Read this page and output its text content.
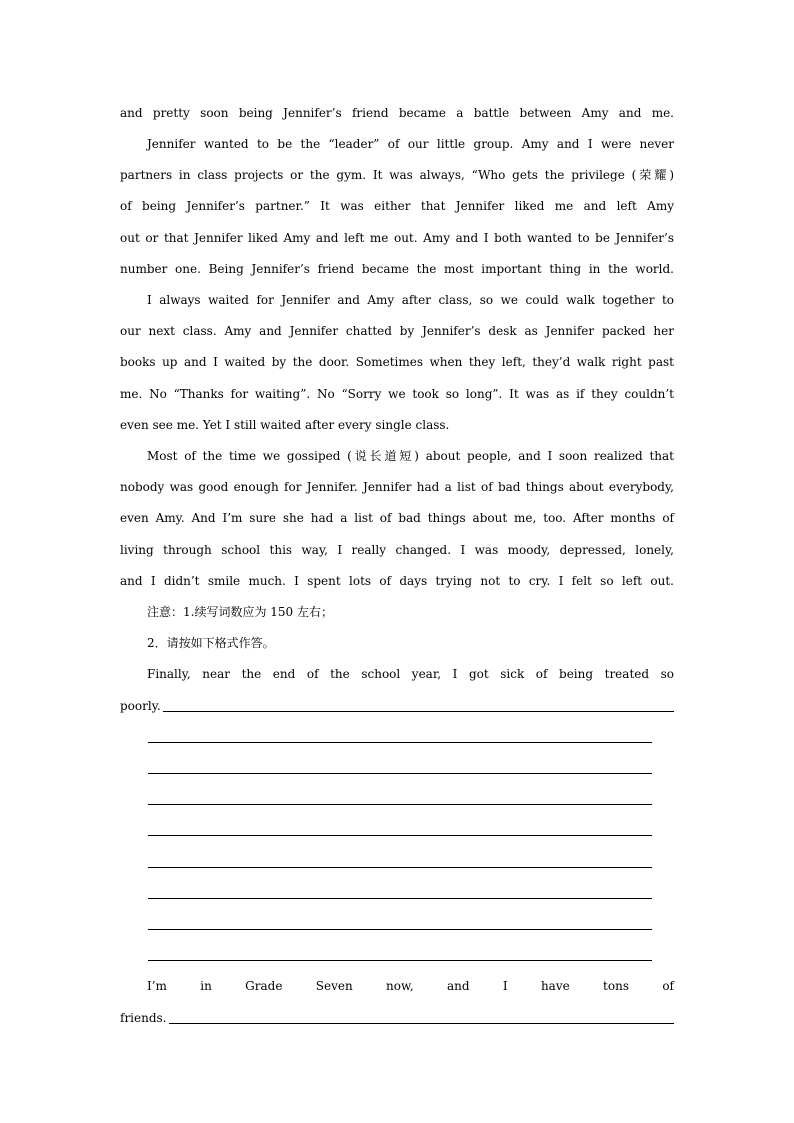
and pretty soon being Jennifer’s friend became a battle between Amy and me.
Jennifer wanted to be the “leader” of our little group. Amy and I were never
partners in class projects or the gym. It was always, “Who gets the privilege (荣耀)
of being Jennifer’s partner.” It was either that Jennifer liked me and left Amy
out or that Jennifer liked Amy and left me out. Amy and I both wanted to be Jennifer’s
number one. Being Jennifer’s friend became the most important thing in the world.
I always waited for Jennifer and Amy after class, so we could walk together to
our next class. Amy and Jennifer chatted by Jennifer’s desk as Jennifer packed her
books up and I waited by the door. Sometimes when they left, they’d walk right past
me. No “Thanks for waiting”. No “Sorry we took so long”. It was as if they couldn’t
even see me. Yet I still waited after every single class.
Most of the time we gossiped (说长道短) about people, and I soon realized that
nobody was good enough for Jennifer. Jennifer had a list of bad things about everybody,
even Amy. And I’m sure she had a list of bad things about me, too. After months of
living through school this way, I really changed. I was moody, depressed, lonely,
and I didn’t smile much. I spent lots of days trying not to cry. I felt so left out.
注意：1.续写词数应为 150 左右；
2．请按如下格式作答。
Finally, near the end of the school year, I got sick of being treated so
poorly.
I’m in Grade Seven now, and I have tons of
friends.
